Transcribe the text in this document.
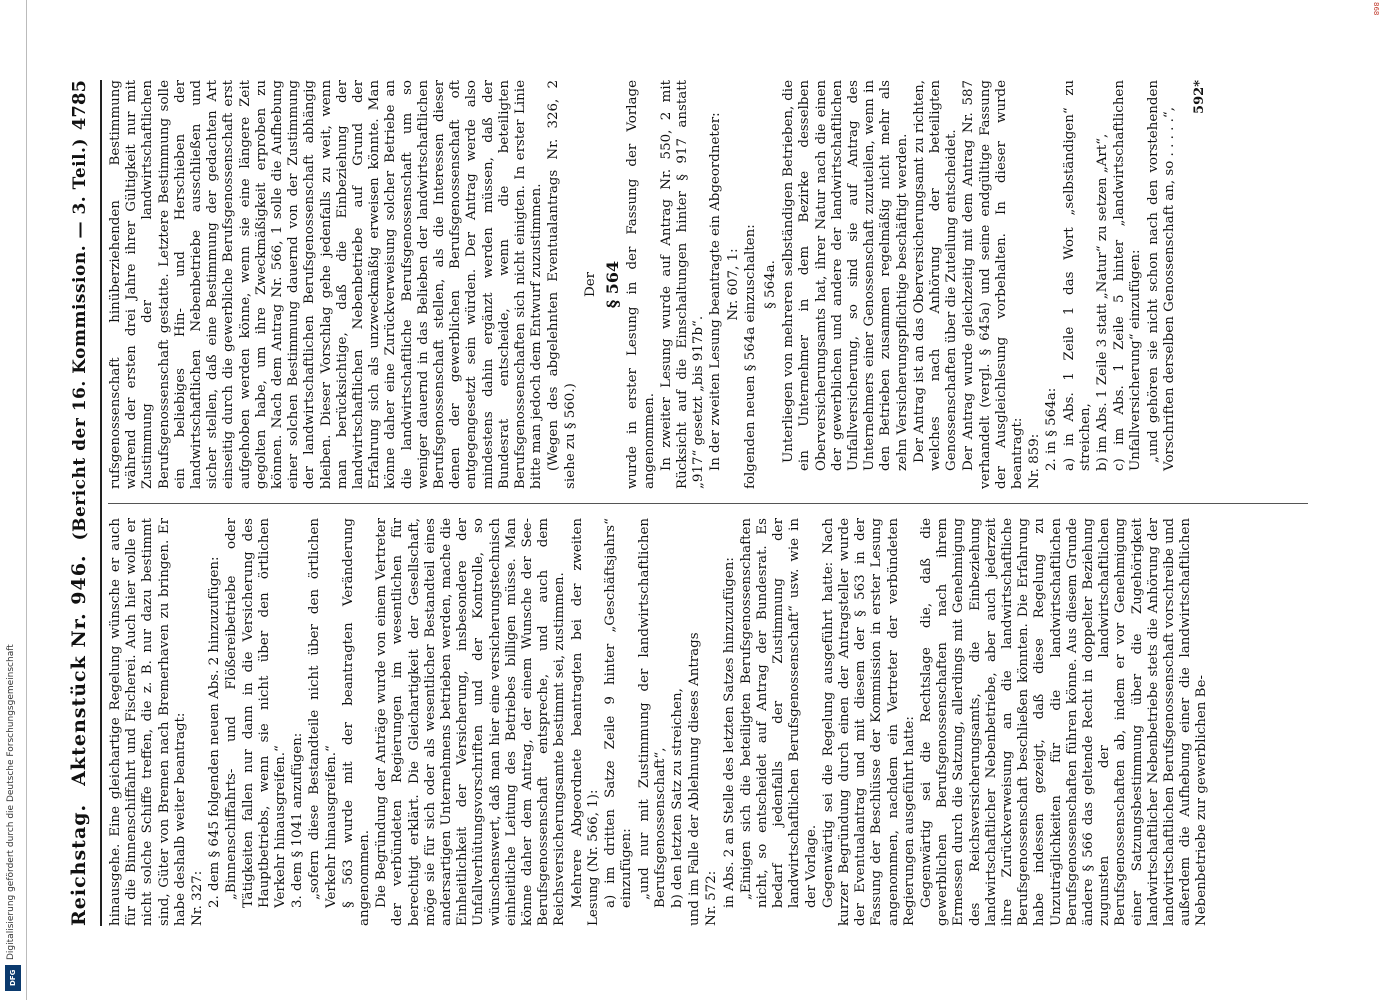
Digitalisierung gefördert durch die Deutsche Forschungsgemeinschaft
DFG
868
Reichstag.
Aktenstück Nr. 946.
(Bericht der 16. Kommission. — 3. Teil.)
4785

hinausgehe. Eine gleichartige Regelung wünsche er auch für die Binnenschiffahrt und Fischerei. Auch hier wolle er nicht solche Schiffe treffen, die z. B. nur dazu bestimmt sind, Güter von Bremen nach Bremerhaven zu bringen. Er habe deshalb weiter beantragt: Nr. 327: 2. dem § 645 folgenden neuen Abs. 2 hinzuzufügen: „Binnenschiffahrts- und Flößereibetriebe oder Tätigkeiten fallen nur dann in die Versicherung des Hauptbetriebs, wenn sie nicht über den örtlichen Verkehr hinausgreifen.“ 3. dem § 1041 anzufügen: „sofern diese Bestandteile nicht über den örtlichen Verkehr hinausgreifen.“ § 563 wurde mit der beantragten Veränderung angenommen. Die Begründung der Anträge wurde von einem Vertreter der verbündeten Regierungen im wesentlichen für berechtigt erklärt. Die Gleichartigkeit der Gesellschaft, möge sie für sich oder als wesentlicher Bestandteil eines andersartigen Unternehmens betrieben werden, mache die Einheitlichkeit der Versicherung, insbesondere der Unfallverhütungsvorschriften und der Kontrolle, so wünschenswert, daß man hier eine versicherungstechnisch einheitliche Leitung des Betriebes billigen müsse. Man könne daher dem Antrag, der einem Wunsche der See-Berufsgenossenschaft entspreche, und auch dem Reichsversicherungsamte bestimmt sei, zustimmen. Mehrere Abgeordnete beantragten bei der zweiten Lesung (Nr. 566, 1): a) im dritten Satze Zeile 9 hinter „Geschäftsjahrs“ einzufügen: „und nur mit Zustimmung der landwirtschaftlichen Berufsgenossenschaft“, b) den letzten Satz zu streichen, und im Falle der Ablehnung dieses Antrags Nr. 572: in Abs. 2 an Stelle des letzten Satzes hinzuzufügen: „Einigen sich die beteiligten Berufsgenossenschaften nicht, so entscheidet auf Antrag der Bundesrat. Es bedarf jedenfalls der Zustimmung der landwirtschaftlichen Berufsgenossenschaft“ usw. wie in der Vorlage. Gegenwärtig sei die Regelung ausgeführt hatte: Nach kurzer Begründung durch einen der Antragsteller wurde der Eventualantrag und mit diesem der § 563 in der Fassung der Beschlüsse der Kommission in erster Lesung angenommen, nachdem ein Vertreter der verbündeten Regierungen ausgeführt hatte: Gegenwärtig sei die Rechtslage die, daß die gewerblichen Berufsgenossenschaften nach ihrem Ermessen durch die Satzung, allerdings mit Genehmigung des Reichsversicherungsamts, die Einbeziehung landwirtschaftlicher Nebenbetriebe, aber auch jederzeit ihre Zurückverweisung an die landwirtschaftliche Berufsgenossenschaft beschließen könnten. Die Erfahrung habe indessen gezeigt, daß diese Regelung zu Unzuträglichkeiten für die landwirtschaftlichen Berufsgenossenschaften führen könne. Aus diesem Grunde ändere § 566 das geltende Recht in doppelter Beziehung zugunsten der landwirtschaftlichen Berufsgenossenschaften ab, indem er vor Genehmigung einer Satzungsbestimmung über die Zugehörigkeit landwirtschaftlicher Nebenbetriebe stets die Anhörung der landwirtschaftlichen Berufsgenossenschaft vorschreibe und außerdem die Aufhebung einer die landwirtschaftlichen Nebenbetriebe zur gewerblichen Be-

rufsgenossenschaft hinüberziehenden Bestimmung während der ersten drei Jahre ihrer Gültigkeit nur mit Zustimmung der landwirtschaftlichen Berufsgenossenschaft gestatte. Letztere Bestimmung solle ein beliebiges Hin- und Herschieben der landwirtschaftlichen Nebenbetriebe ausschließen und sicher stellen, daß eine Bestimmung der gedachten Art einseitig durch die gewerbliche Berufsgenossenschaft erst aufgehoben werden könne, wenn sie eine längere Zeit gegolten habe, um ihre Zweckmäßigkeit erproben zu können. Nach dem Antrag Nr. 566, 1 solle die Aufhebung einer solchen Bestimmung dauernd von der Zustimmung der landwirtschaftlichen Berufsgenossenschaft abhängig bleiben. Dieser Vorschlag gehe jedenfalls zu weit, wenn man berücksichtige, daß die Einbeziehung der landwirtschaftlichen Nebenbetriebe auf Grund der Erfahrung sich als unzweckmäßig erweisen könnte. Man könne daher eine Zurückverweisung solcher Betriebe an die landwirtschaftliche Berufsgenossenschaft um so weniger dauernd in das Belieben der landwirtschaftlichen Berufsgenossenschaft stellen, als die Interessen dieser denen der gewerblichen Berufsgenossenschaft oft entgegengesetzt sein würden. Der Antrag werde also mindestens dahin ergänzt werden müssen, daß der Bundesrat entscheide, wenn die beteiligten Berufsgenossenschaften sich nicht einigten. In erster Linie bitte man jedoch dem Entwurf zuzustimmen. (Wegen des abgelehnten Eventualantrags Nr. 326, 2 siehe zu § 560.)

Der § 564 wurde in erster Lesung in der Fassung der Vorlage angenommen. In zweiter Lesung wurde auf Antrag Nr. 550, 2 mit Rücksicht auf die Einschaltungen hinter § 917 anstatt „917“ gesetzt „bis 917b“. In der zweiten Lesung beantragte ein Abgeordneter: Nr. 607, 1: folgenden neuen § 564a einzuschalten: § 564a. Unterliegen von mehreren selbständigen Betrieben, die ein Unternehmer in dem Bezirke desselben Oberversicherungsamts hat, ihrer Natur nach die einen der gewerblichen und andere der landwirtschaftlichen Unfallversicherung, so sind sie auf Antrag des Unternehmers einer Genossenschaft zuzuteilen, wenn in den Betrieben zusammen regelmäßig nicht mehr als zehn Versicherungspflichtige beschäftigt werden. Der Antrag ist an das Oberversicherungsamt zu richten, welches nach Anhörung der beteiligten Genossenschaften über die Zuteilung entscheidet. Der Antrag wurde gleichzeitig mit dem Antrag Nr. 587 verhandelt (vergl. § 645a) und seine endgültige Fassung der Ausgleichlesung vorbehalten. In dieser wurde beantragt: Nr. 859: 2. in § 564a: a) in Abs. 1 Zeile 1 das Wort „selbständigen“ zu streichen, b) im Abs. 1 Zeile 3 statt „Natur“ zu setzen „Art“, c) im Abs. 1 Zeile 5 hinter „landwirtschaftlichen Unfallversicherung“ einzufügen: „und gehören sie nicht schon nach den vorstehenden Vorschriften derselben Genossenschaft an, so . . . . .“,

592*
